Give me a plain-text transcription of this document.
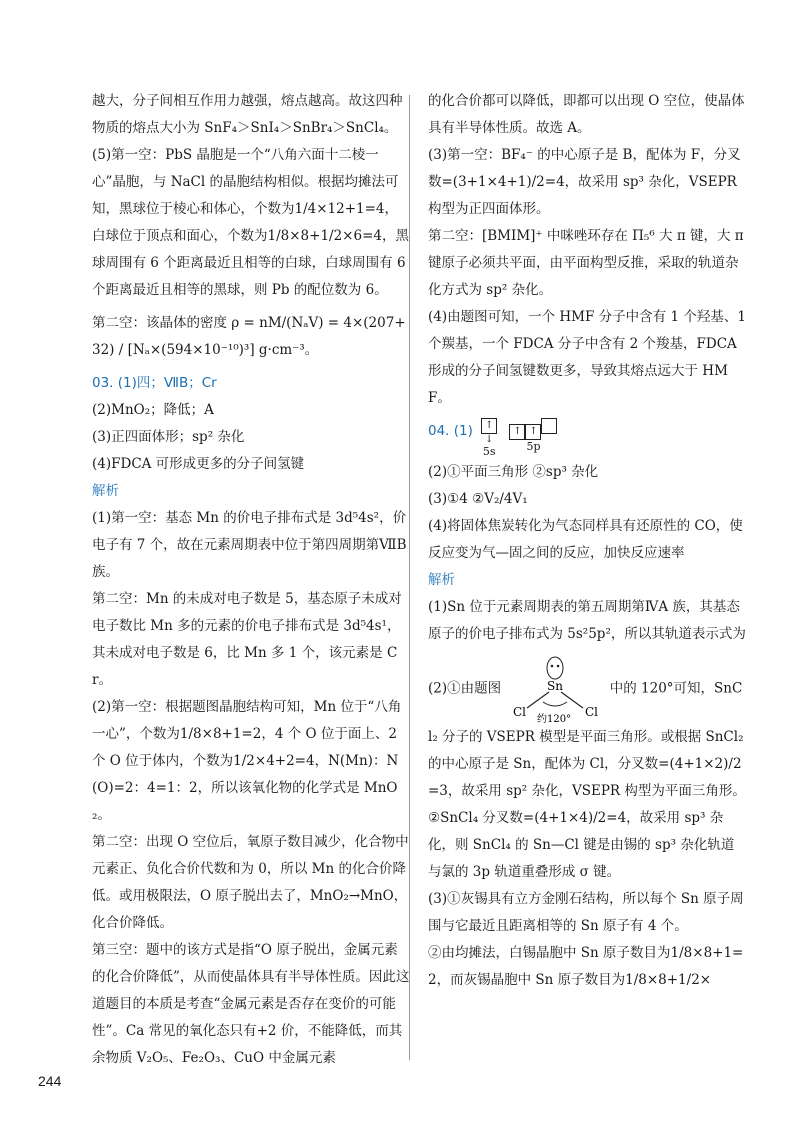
越大，分子间相互作用力越强，熔点越高。故这四种物质的熔点大小为 SnF₄＞SnI₄＞SnBr₄＞SnCl₄。

(5)第一空：PbS 晶胞是一个“八角六面十二棱一心”晶胞，与 NaCl 的晶胞结构相似。根据均摊法可知，黑球位于棱心和体心，个数为1/4×12+1=4，白球位于顶点和面心，个数为1/8×8+1/2×6=4，黑球周围有 6 个距离最近且相等的白球，白球周围有 6 个距离最近且相等的黑球，则 Pb 的配位数为 6。

第二空：该晶体的密度 ρ = nM/(NₐV) = 4×(207+32) / [Nₐ×(594×10⁻¹⁰)³] g·cm⁻³。

03. (1)四；ⅦB；Cr

(2)MnO₂；降低；A

(3)正四面体形；sp² 杂化

(4)FDCA 可形成更多的分子间氢键

解析

(1)第一空：基态 Mn 的价电子排布式是 3d⁵4s²，价电子有 7 个，故在元素周期表中位于第四周期第ⅦB 族。

第二空：Mn 的未成对电子数是 5，基态原子未成对电子数比 Mn 多的元素的价电子排布式是 3d⁵4s¹，其未成对电子数是 6，比 Mn 多 1 个，该元素是 Cr。

(2)第一空：根据题图晶胞结构可知，Mn 位于“八角一心”，个数为1/8×8+1=2，4 个 O 位于面上、2 个 O 位于体内，个数为1/2×4+2=4，N(Mn)：N(O)=2：4=1：2，所以该氧化物的化学式是 MnO₂。

第二空：出现 O 空位后，氧原子数目减少，化合物中元素正、负化合价代数和为 0，所以 Mn 的化合价降低。或用极限法，O 原子脱出去了，MnO₂→MnO，化合价降低。

第三空：题中的该方式是指“O 原子脱出，金属元素的化合价降低”，从而使晶体具有半导体性质。因此这道题目的本质是考查“金属元素是否存在变价的可能性”。Ca 常见的氧化态只有+2 价，不能降低，而其余物质 V₂O₅、Fe₂O₃、CuO 中金属元素

的化合价都可以降低，即都可以出现 O 空位，使晶体具有半导体性质。故选 A。

(3)第一空：BF₄⁻ 的中心原子是 B，配体为 F，分叉数=(3+1×4+1)/2=4，故采用 sp³ 杂化，VSEPR 构型为正四面体形。

第二空：[BMIM]⁺ 中咪唑环存在 Π₅⁶ 大 π 键，大 π 键原子必须共平面，由平面构型反推，采取的轨道杂化方式为 sp² 杂化。

(4)由题图可知，一个 HMF 分子中含有 1 个羟基、1 个羰基，一个 FDCA 分子中含有 2 个羧基，FDCA 形成的分子间氢键数更多，导致其熔点远大于 HMF。

04. (1) ↑↓
5s
↑ ↑
5p

(2)①平面三角形 ②sp³ 杂化

(3)①4 ②V₂/4V₁

(4)将固体焦炭转化为气态同样具有还原性的 CO，使反应变为气—固之间的反应，加快反应速率

解析

(1)Sn 位于元素周期表的第五周期第ⅣA 族，其基态原子的价电子排布式为 5s²5p²，所以其轨道表示式为

(2)①由题图	Sn
Cl	Cl
约120°
中的 120°可知，SnCl₂ 分子的 VSEPR 模型是平面三角形。或根据 SnCl₂ 的中心原子是 Sn，配体为 Cl，分叉数=(4+1×2)/2=3，故采用 sp² 杂化，VSEPR 构型为平面三角形。

②SnCl₄ 分叉数=(4+1×4)/2=4，故采用 sp³ 杂化，则 SnCl₄ 的 Sn—Cl 键是由锡的 sp³ 杂化轨道与氯的 3p 轨道重叠形成 σ 键。

(3)①灰锡具有立方金刚石结构，所以每个 Sn 原子周围与它最近且距离相等的 Sn 原子有 4 个。

②由均摊法，白锡晶胞中 Sn 原子数目为1/8×8+1=2，而灰锡晶胞中 Sn 原子数目为1/8×8+1/2×

244
